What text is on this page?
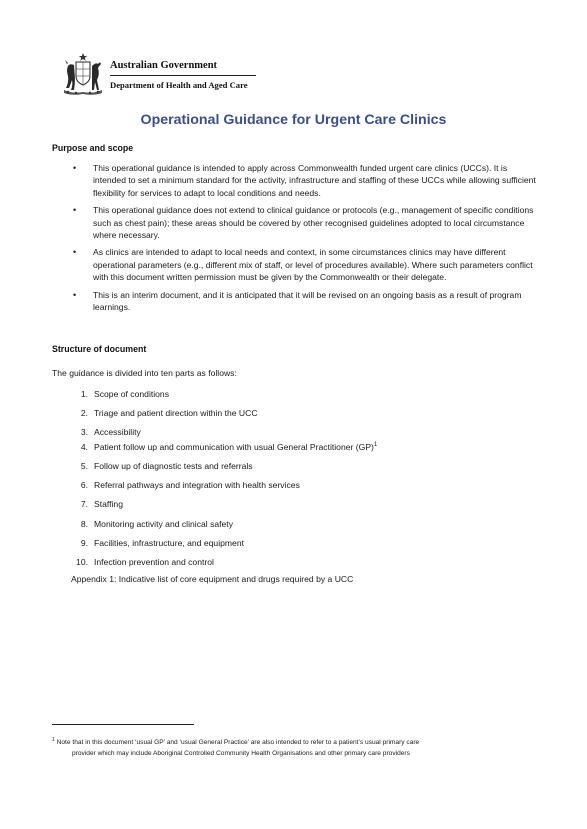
Australian Government
Department of Health and Aged Care
Operational Guidance for Urgent Care Clinics
Purpose and scope
• This operational guidance is intended to apply across Commonwealth funded urgent care clinics (UCCs). It is intended to set a minimum standard for the activity, infrastructure and staffing of these UCCs while allowing sufficient flexibility for services to adapt to local conditions and needs.
• This operational guidance does not extend to clinical guidance or protocols (e.g., management of specific conditions such as chest pain); these areas should be covered by other recognised guidelines adopted to local circumstance where necessary.
• As clinics are intended to adapt to local needs and context, in some circumstances clinics may have different operational parameters (e.g., different mix of staff, or level of procedures available). Where such parameters conflict with this document written permission must be given by the Commonwealth or their delegate.
• This is an interim document, and it is anticipated that it will be revised on an ongoing basis as a result of program learnings.
Structure of document
The guidance is divided into ten parts as follows:
1. Scope of conditions
2. Triage and patient direction within the UCC
3. Accessibility
4. Patient follow up and communication with usual General Practitioner (GP)$^1$
5. Follow up of diagnostic tests and referrals
6. Referral pathways and integration with health services
7. Staffing
8. Monitoring activity and clinical safety
9. Facilities, infrastructure, and equipment
10. Infection prevention and control
Appendix 1: Indicative list of core equipment and drugs required by a UCC
$^1$ Note that in this document ‘usual GP’ and ‘usual General Practice’ are also intended to refer to a patient’s usual primary care
provider which may include Aboriginal Controlled Community Health Organisations and other primary care providers
